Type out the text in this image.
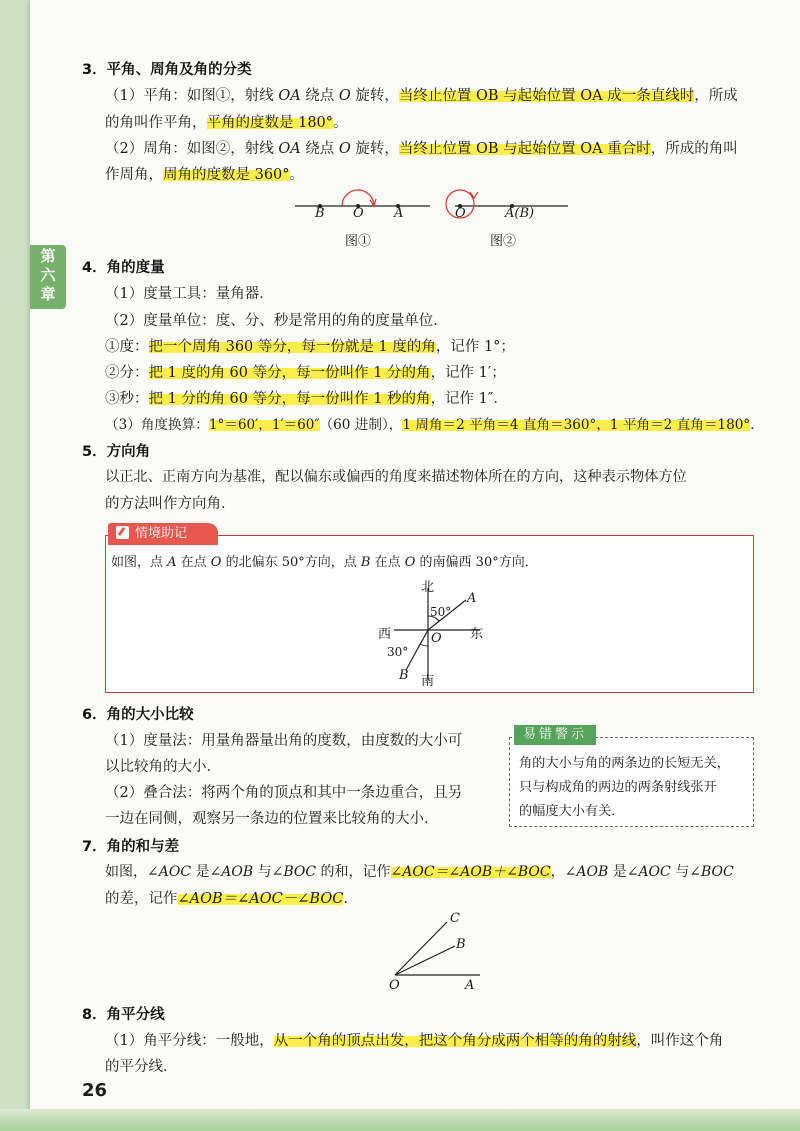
第
六
章
3．平角、周角及角的分类
（1）平角：如图①，射线 OA 绕点 O 旋转，当终止位置 OB 与起始位置 OA 成一条直线时，所成
的角叫作平角，平角的度数是 180°。
（2）周角：如图②，射线 OA 绕点 O 旋转，当终止位置 OB 与起始位置 OA 重合时，所成的角叫
作周角，周角的度数是 360°。
B O A
图①
O	A(B)
图②
4．角的度量
（1）度量工具：量角器．
（2）度量单位：度、分、秒是常用的角的度量单位．
①度：把一个周角 360 等分，每一份就是 1 度的角，记作 1°；
②分：把 1 度的角 60 等分，每一份叫作 1 分的角，记作 1′；
③秒：把 1 分的角 60 等分，每一份叫作 1 秒的角，记作 1″．
（3）角度换算：1°＝60′，1′＝60″（60 进制），1 周角＝2 平角＝4 直角＝360°，1 平角＝2 直角＝180°．
5．方向角
以正北、正南方向为基准，配以偏东或偏西的角度来描述物体所在的方向，这种表示物体方位
的方法叫作方向角．
情境助记
如图，点 A 在点 O 的北偏东 50°方向，点 B 在点 O 的南偏西 30°方向．
北
南
东
西
A
B
O
50°
30°
6．角的大小比较
（1）度量法：用量角器量出角的度数，由度数的大小可
以比较角的大小．
（2）叠合法：将两个角的顶点和其中一条边重合，且另
一边在同侧，观察另一条边的位置来比较角的大小．
易错警示
角的大小与角的两条边的长短无关，
只与构成角的两边的两条射线张开
的幅度大小有关．
7．角的和与差
如图，∠AOC 是∠AOB 与∠BOC 的和，记作∠AOC＝∠AOB＋∠BOC，∠AOB 是∠AOC 与∠BOC
的差，记作∠AOB＝∠AOC－∠BOC．
C
B
O	A
8．角平分线
（1）角平分线：一般地，从一个角的顶点出发，把这个角分成两个相等的角的射线，叫作这个角
的平分线．
26
